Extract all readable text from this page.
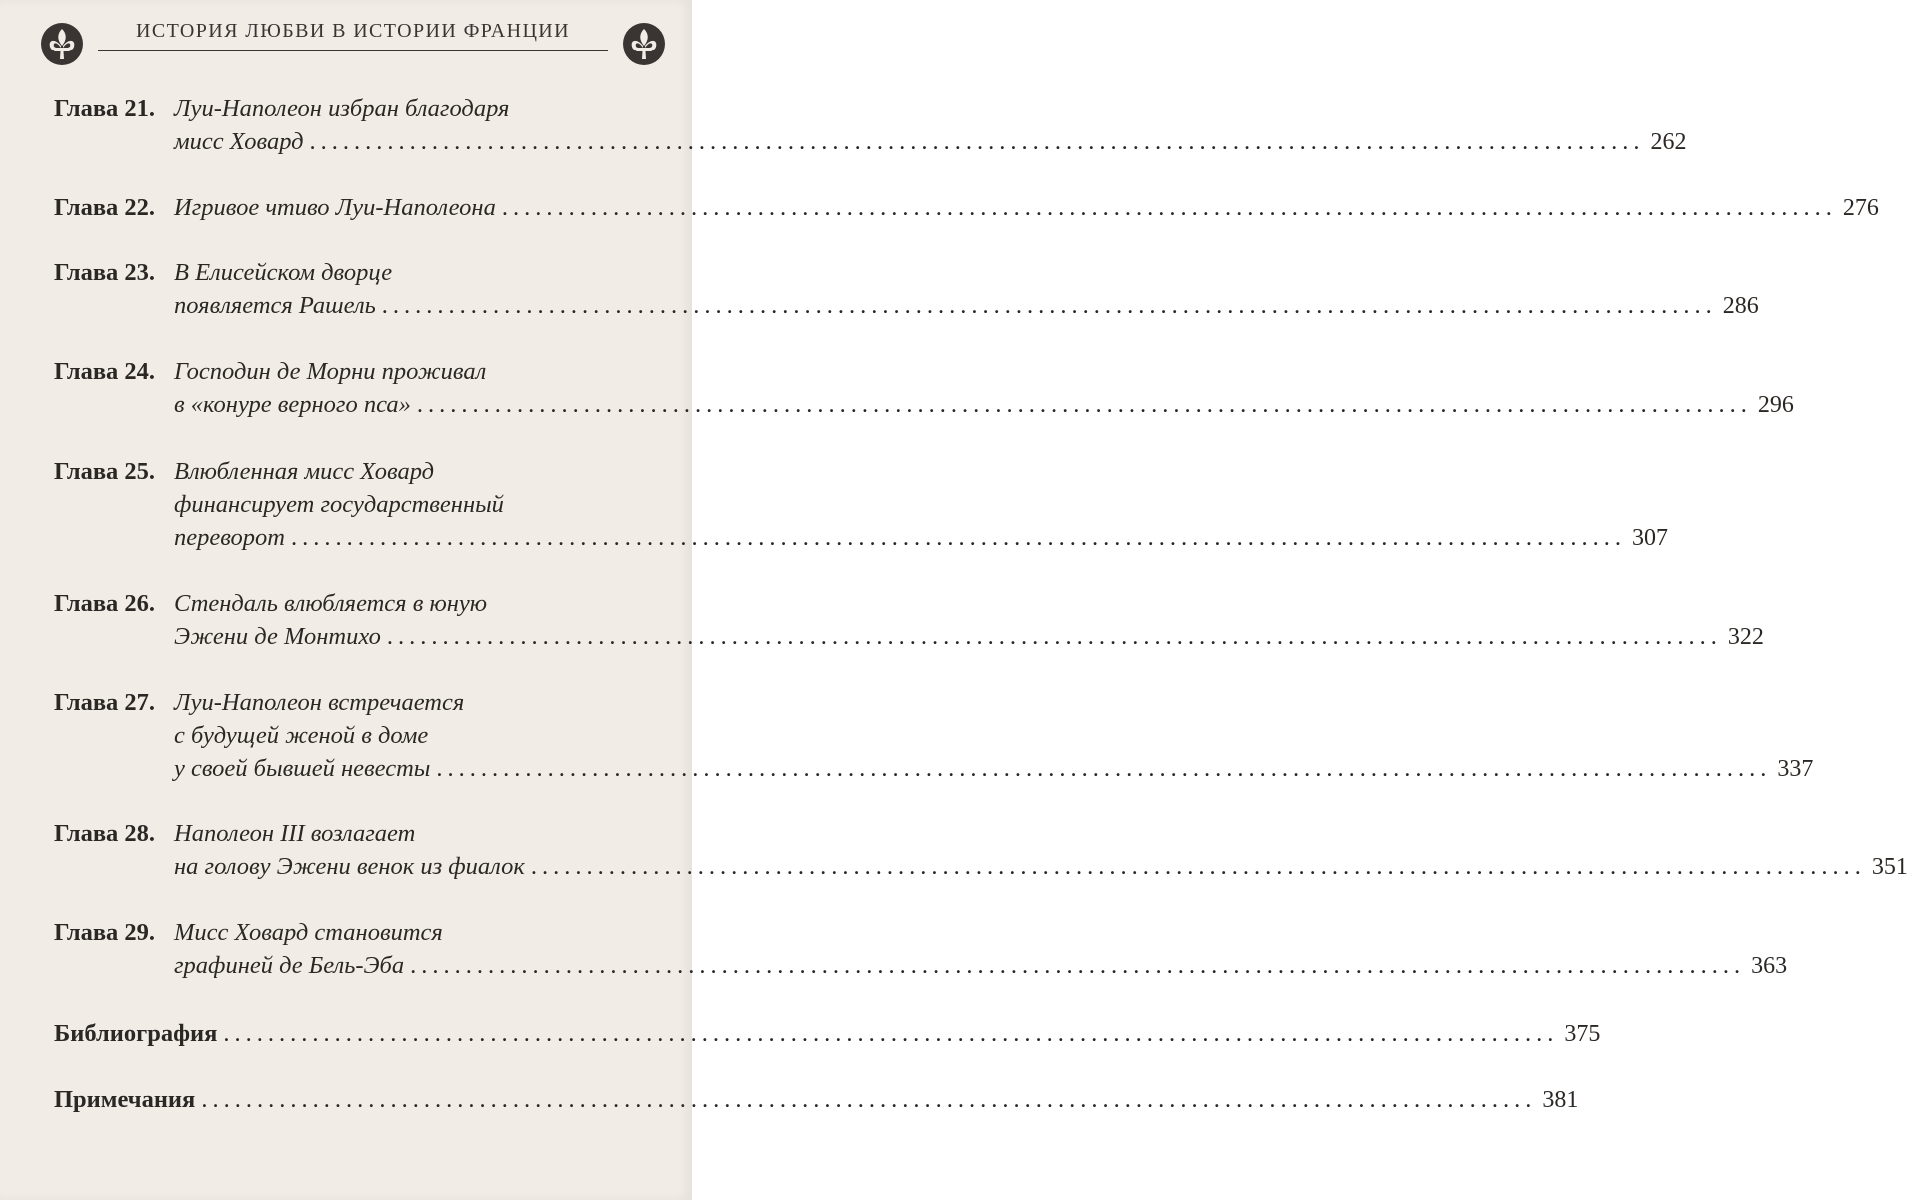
ИСТОРИЯ ЛЮБВИ В ИСТОРИИ ФРАНЦИИ
Глава 21. Луи-Наполеон избран благодаря
мисс Ховард ........................................................................................................................ 262
Глава 22. Игривое чтиво Луи-Наполеона ........................................................................................................................ 276
Глава 23. В Елисейском дворце
появляется Рашель ........................................................................................................................ 286
Глава 24. Господин де Морни проживал
в «конуре верного пса» ........................................................................................................................ 296
Глава 25. Влюбленная мисс Ховард
финансирует государственный
переворот ........................................................................................................................ 307
Глава 26. Стендаль влюбляется в юную
Эжени де Монтихо ........................................................................................................................ 322
Глава 27. Луи-Наполеон встречается
с будущей женой в доме
у своей бывшей невесты ........................................................................................................................ 337
Глава 28. Наполеон III возлагает
на голову Эжени венок из фиалок ........................................................................................................................ 351
Глава 29. Мисс Ховард становится
графиней де Бель-Эба ........................................................................................................................ 363
Библиография ........................................................................................................................ 375
Примечания ........................................................................................................................ 381
